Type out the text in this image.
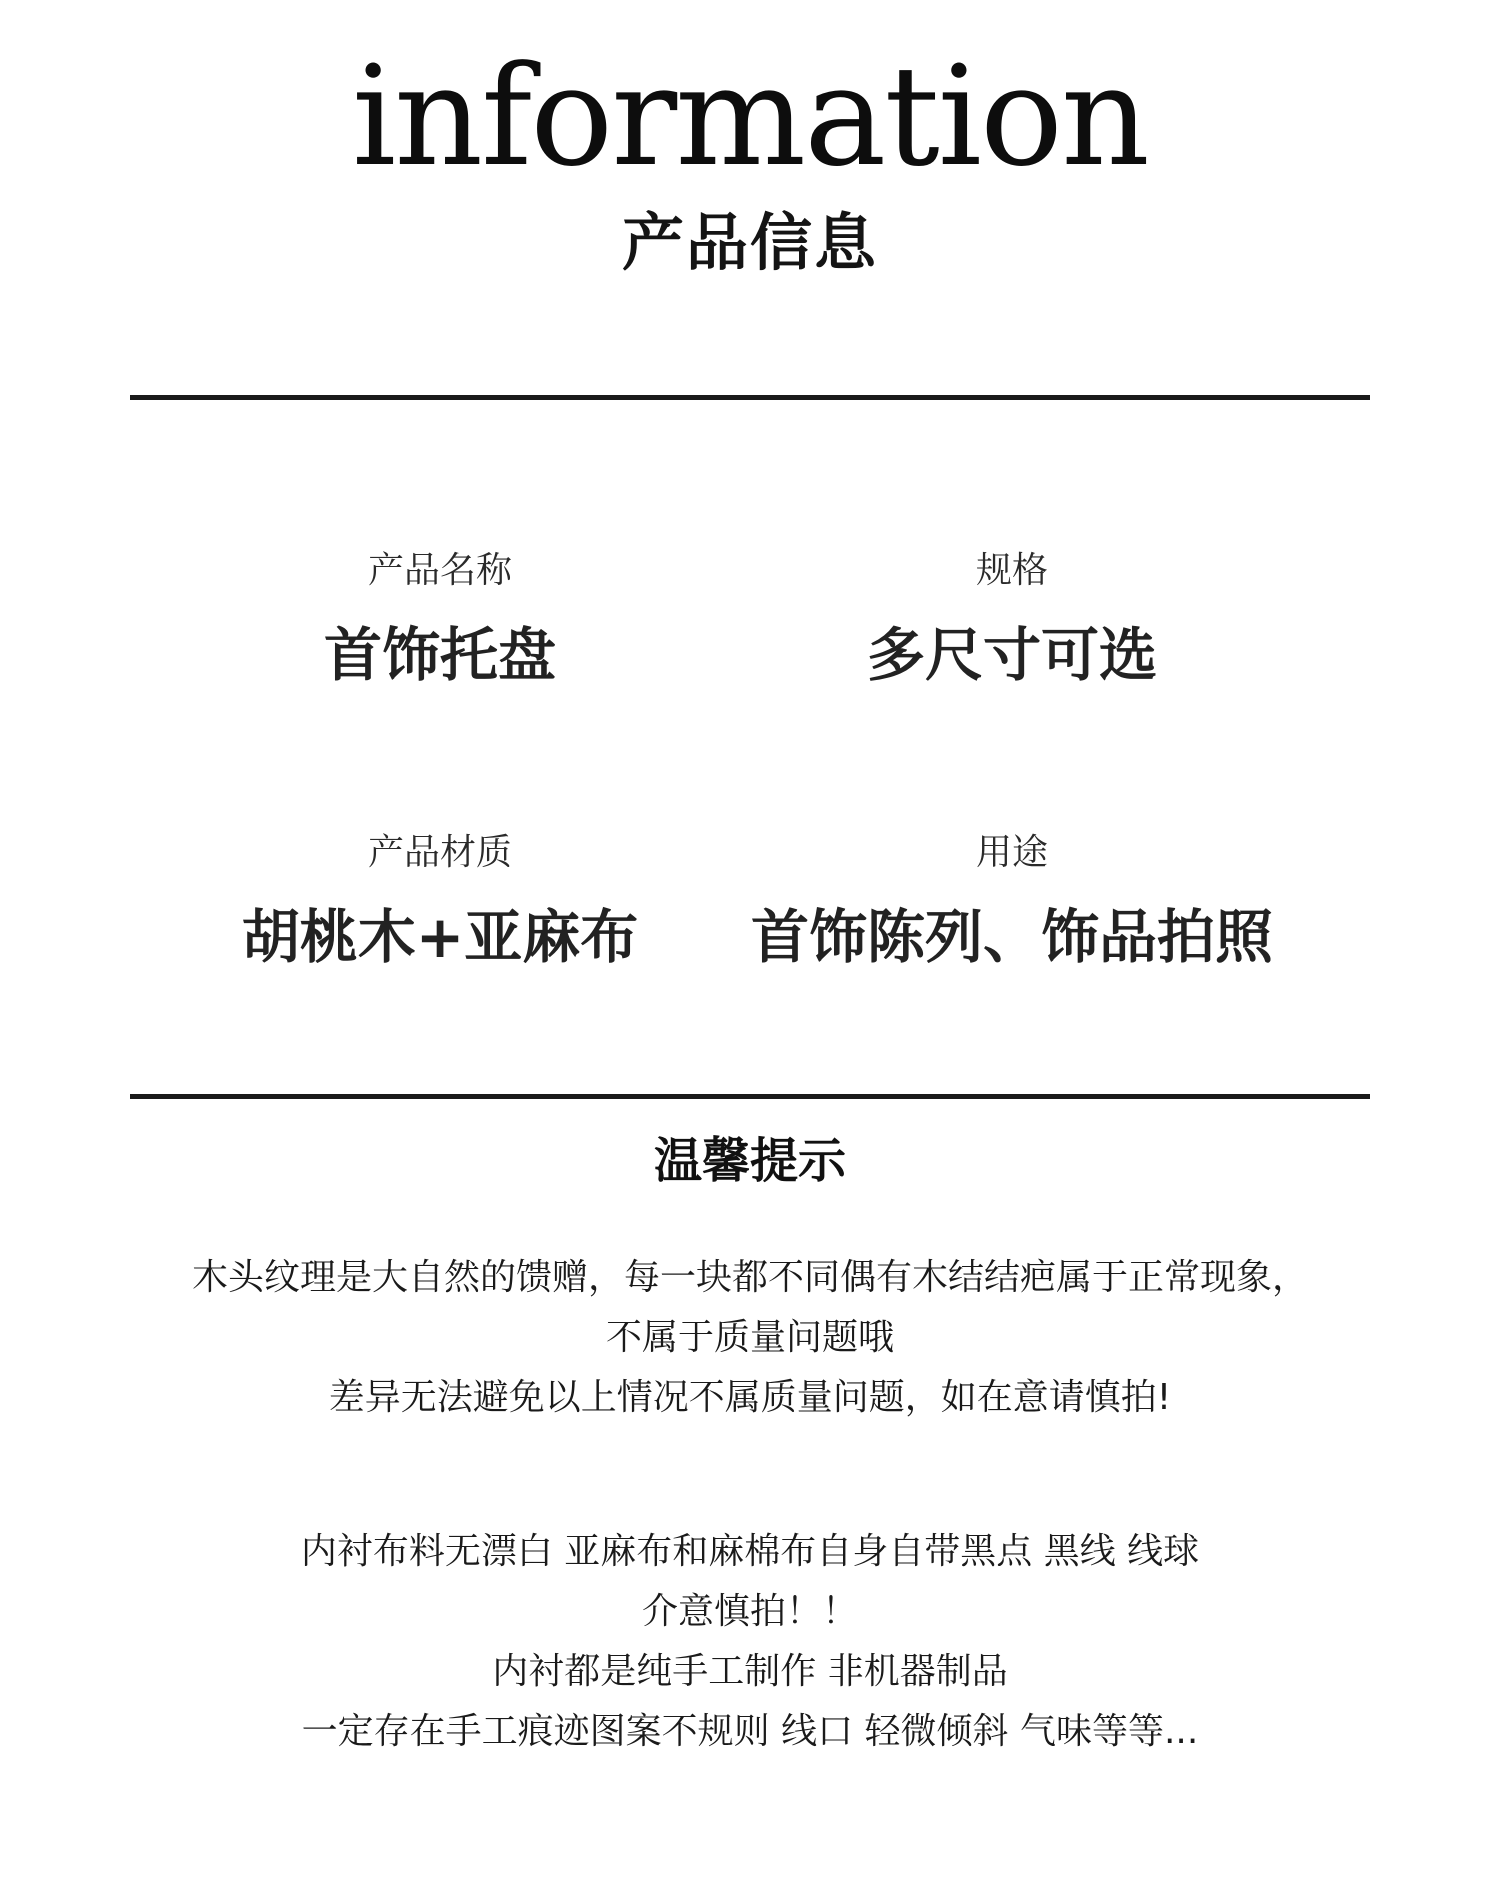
information
产品信息
产品名称
首饰托盘
规格
多尺寸可选
产品材质
胡桃木+亚麻布
用途
首饰陈列、饰品拍照
温馨提示
木头纹理是大自然的馈赠，每一块都不同偶有木结结疤属于正常现象，
不属于质量问题哦
差异无法避免以上情况不属质量问题，如在意请慎拍!
内衬布料无漂白 亚麻布和麻棉布自身自带黑点 黑线 线球
介意慎拍！！
内衬都是纯手工制作 非机器制品
一定存在手工痕迹图案不规则 线口 轻微倾斜 气味等等...
